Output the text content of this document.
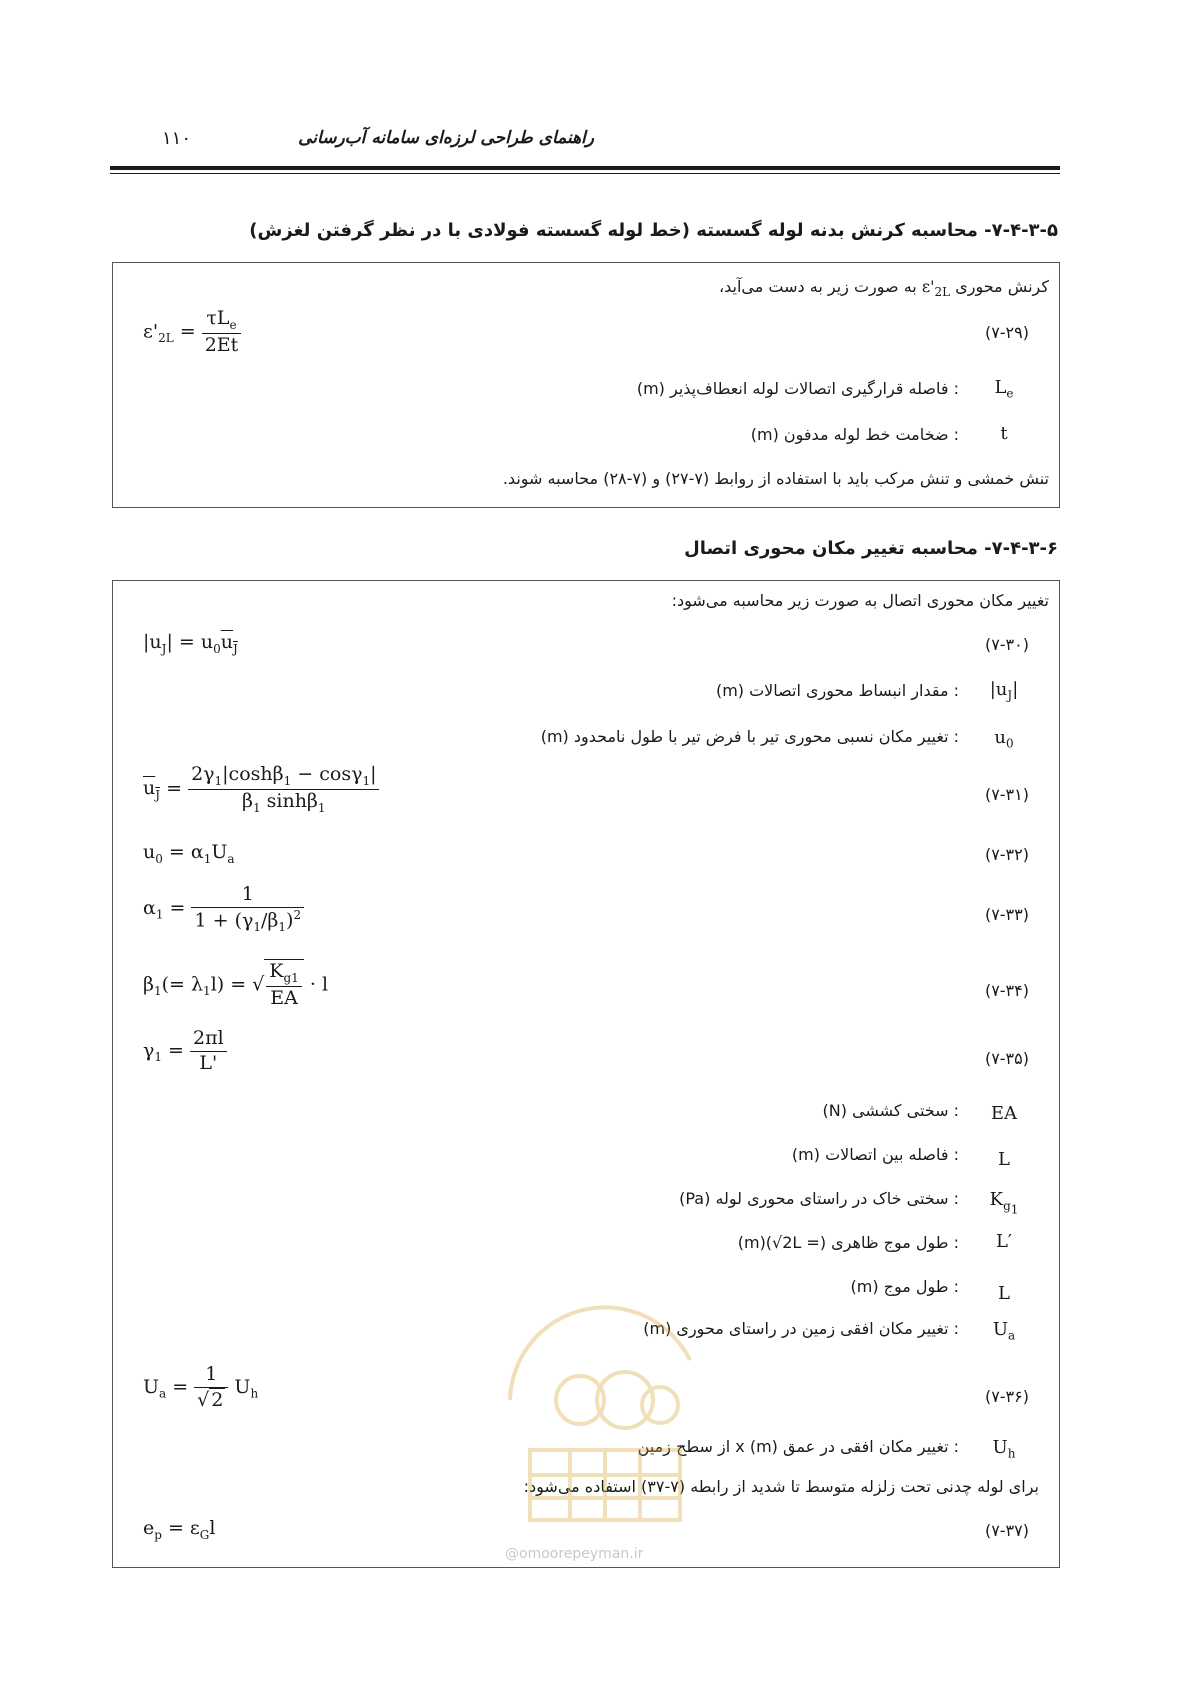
راهنمای طراحی لرزه‌ای سامانه آب‌رسانی
۱۱۰
۷-۴-۳-۵- محاسبه کرنش بدنه لوله گسسته (خط لوله گسسته فولادی با در نظر گرفتن لغزش)
کرنش محوری $\varepsilon'_{2L}$ به صورت زیر به دست می‌آید،
(۷-۲۹)
$\varepsilon'_{2L} = \frac{\tau L_e}{2Et}$
$L_e$
: فاصله قرارگیری اتصالات لوله انعطاف‌پذیر (m)
t
: ضخامت خط لوله مدفون (m)
تنش خمشی و تنش مرکب باید با استفاده از روابط (۷-۲۷) و (۷-۲۸) محاسبه شوند.
۷-۴-۳-۶- محاسبه تغییر مکان محوری اتصال
تغییر مکان محوری اتصال به صورت زیر محاسبه می‌شود:
(۷-۳۰)
$|u_J| = u_0u_J$
$|u_J|$
: مقدار انبساط محوری اتصالات (m)
$u_0$
: تغییر مکان نسبی محوری تیر با فرض تیر با طول نامحدود (m)
(۷-۳۱)
$u_J = \frac{2\gamma_1|\cosh\beta_1 - \cos\gamma_1|}{\beta_1 \sinh\beta_1}$
(۷-۳۲)
$u_0 = \alpha_1U_a$
(۷-۳۳)
$\alpha_1 = \frac{1}{1 + (\gamma_1/\beta_1)^2}$
(۷-۳۴)
$\beta_1(= \lambda_1l)$ = √ $\frac{K_{g1}}{EA} \cdot l$
(۷-۳۵)
$\gamma_1 = \frac{2\pi l}{L'}$
EA
: سختی کششی (N)
L
: فاصله بین اتصالات (m)
$K_{g_1}$
: سختی خاک در راستای محوری لوله (Pa)
L′
: طول موج ظاهری (= 2L√)(m)
L
: طول موج (m)
$U_a$
: تغییر مکان افقی زمین در راستای محوری (m)
(۷-۳۶)
$U_a = \frac{1}{√ 2} U_h$
$U_h$
: تغییر مکان افقی در عمق x (m) از سطح زمین
برای لوله چدنی تحت زلزله متوسط تا شدید از رابطه (۷-۳۷) استفاده می‌شود:
(۷-۳۷)
$e_p = \varepsilon_Gl$
@omoorepeyman.ir
